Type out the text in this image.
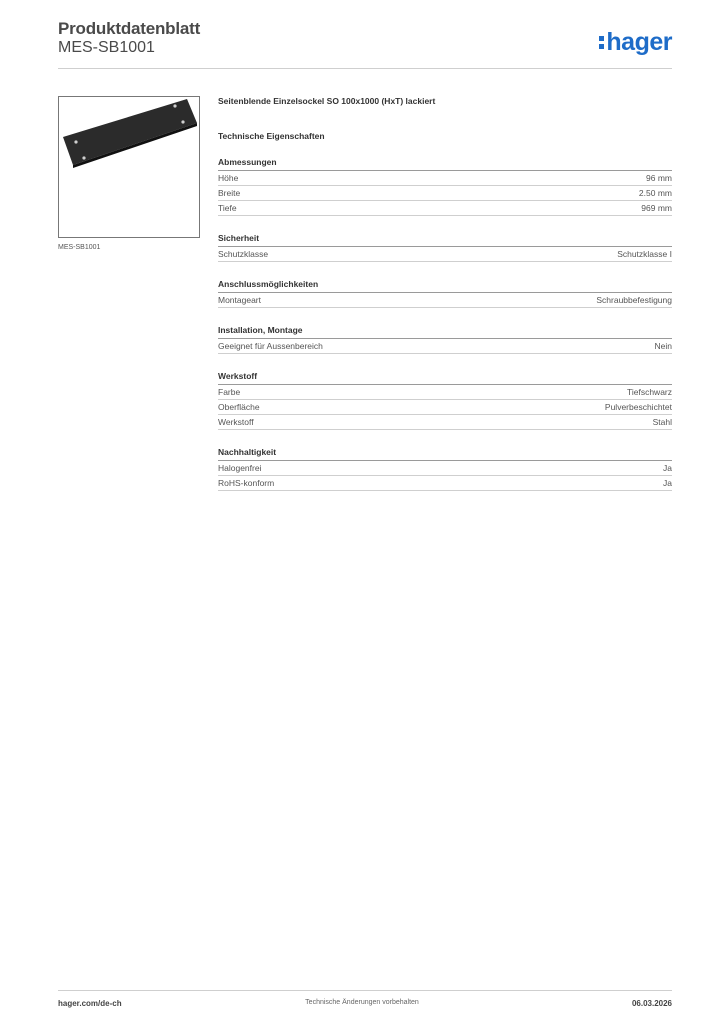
Produktdatenblatt
MES-SB1001	hager
MES-SB1001
Seitenblende Einzelsockel SO 100x1000 (HxT) lackiert
Technische Eigenschaften
Abmessungen
Höhe	96 mm
Breite	2.50 mm
Tiefe	969 mm
Sicherheit
Schutzklasse	Schutzklasse I
Anschlussmöglichkeiten
Montageart	Schraubbefestigung
Installation, Montage
Geeignet für Aussenbereich	Nein
Werkstoff
Farbe	Tiefschwarz
Oberfläche	Pulverbeschichtet
Werkstoff	Stahl
Nachhaltigkeit
Halogenfrei	Ja
RoHS-konform	Ja
hager.com/de-ch	Technische Änderungen vorbehalten	06.03.2026
